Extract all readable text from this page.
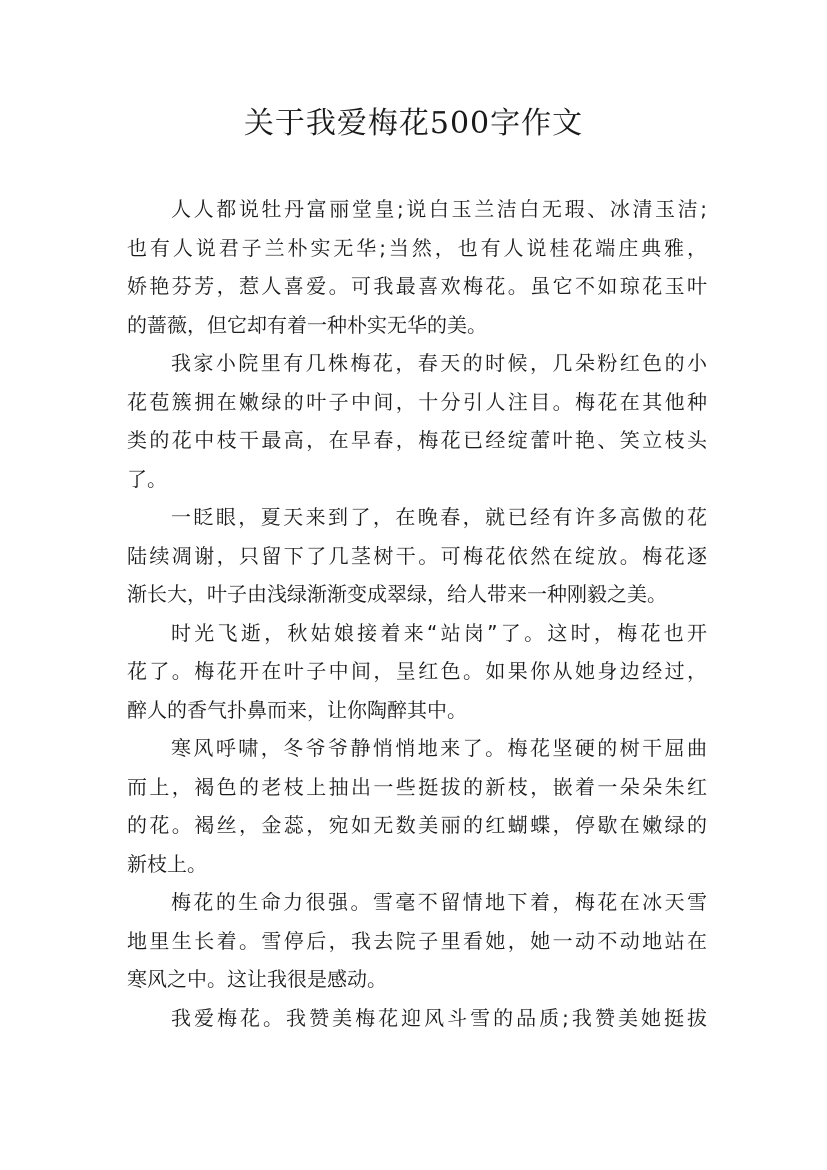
关于我爱梅花500字作文
人人都说牡丹富丽堂皇;说白玉兰洁白无瑕、冰清玉洁;
也有人说君子兰朴实无华;当然，也有人说桂花端庄典雅，
娇艳芬芳，惹人喜爱。可我最喜欢梅花。虽它不如琼花玉叶
的蔷薇，但它却有着一种朴实无华的美。
我家小院里有几株梅花，春天的时候，几朵粉红色的小
花苞簇拥在嫩绿的叶子中间，十分引人注目。梅花在其他种
类的花中枝干最高，在早春，梅花已经绽蕾叶艳、笑立枝头
了。
一眨眼，夏天来到了，在晚春，就已经有许多高傲的花
陆续凋谢，只留下了几茎树干。可梅花依然在绽放。梅花逐
渐长大，叶子由浅绿渐渐变成翠绿，给人带来一种刚毅之美。
时光飞逝，秋姑娘接着来“站岗”了。这时，梅花也开
花了。梅花开在叶子中间，呈红色。如果你从她身边经过，
醉人的香气扑鼻而来，让你陶醉其中。
寒风呼啸，冬爷爷静悄悄地来了。梅花坚硬的树干屈曲
而上，褐色的老枝上抽出一些挺拔的新枝，嵌着一朵朵朱红
的花。褐丝，金蕊，宛如无数美丽的红蝴蝶，停歇在嫩绿的
新枝上。
梅花的生命力很强。雪毫不留情地下着，梅花在冰天雪
地里生长着。雪停后，我去院子里看她，她一动不动地站在
寒风之中。这让我很是感动。
我爱梅花。我赞美梅花迎风斗雪的品质;我赞美她挺拔
